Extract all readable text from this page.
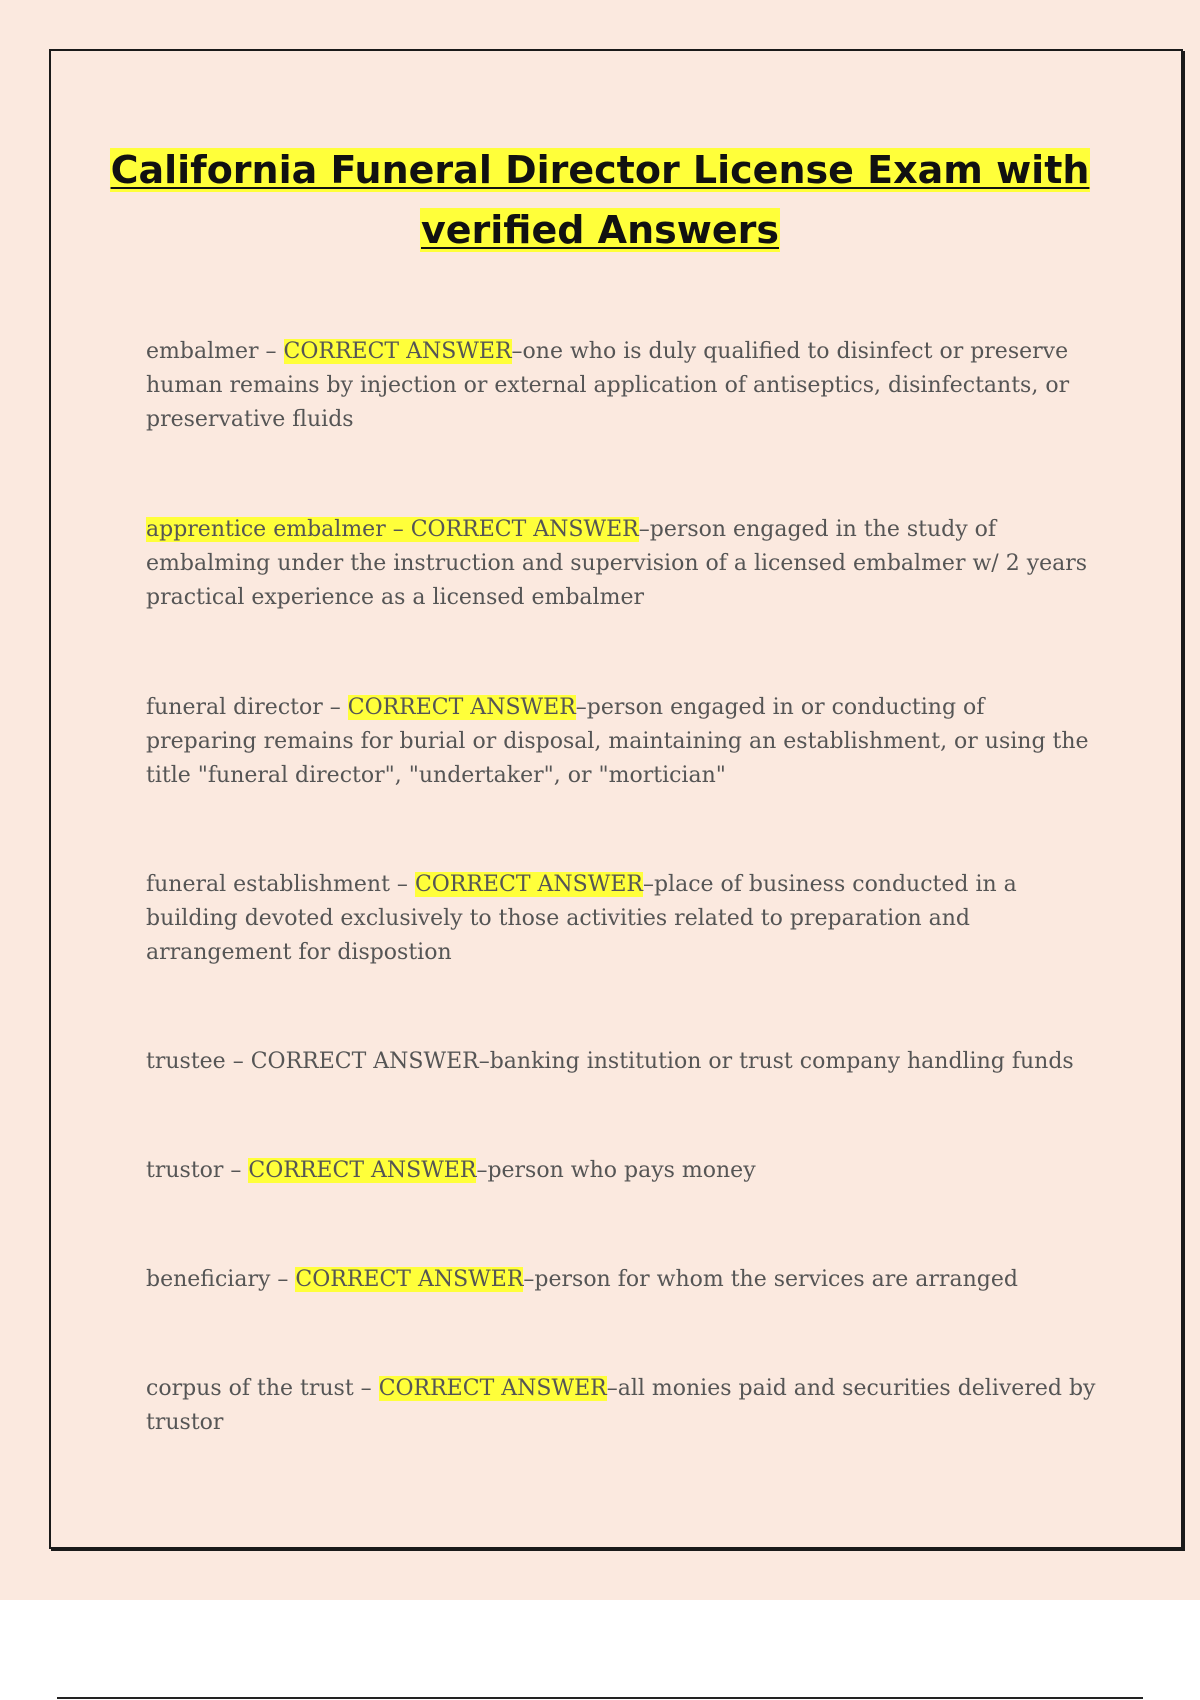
California Funeral Director License Exam with
verified Answers

embalmer – CORRECT ANSWER–one who is duly qualified to disinfect or preserve human remains by injection or external application of antiseptics, disinfectants, or preservative fluids

apprentice embalmer – CORRECT ANSWER–person engaged in the study of embalming under the instruction and supervision of a licensed embalmer w/ 2 years practical experience as a licensed embalmer

funeral director – CORRECT ANSWER–person engaged in or conducting of preparing remains for burial or disposal, maintaining an establishment, or using the title "funeral director", "undertaker", or "mortician"

funeral establishment – CORRECT ANSWER–place of business conducted in a building devoted exclusively to those activities related to preparation and arrangement for dispostion

trustee – CORRECT ANSWER–banking institution or trust company handling funds

trustor – CORRECT ANSWER–person who pays money

beneficiary – CORRECT ANSWER–person for whom the services are arranged

corpus of the trust – CORRECT ANSWER–all monies paid and securities delivered by trustor
